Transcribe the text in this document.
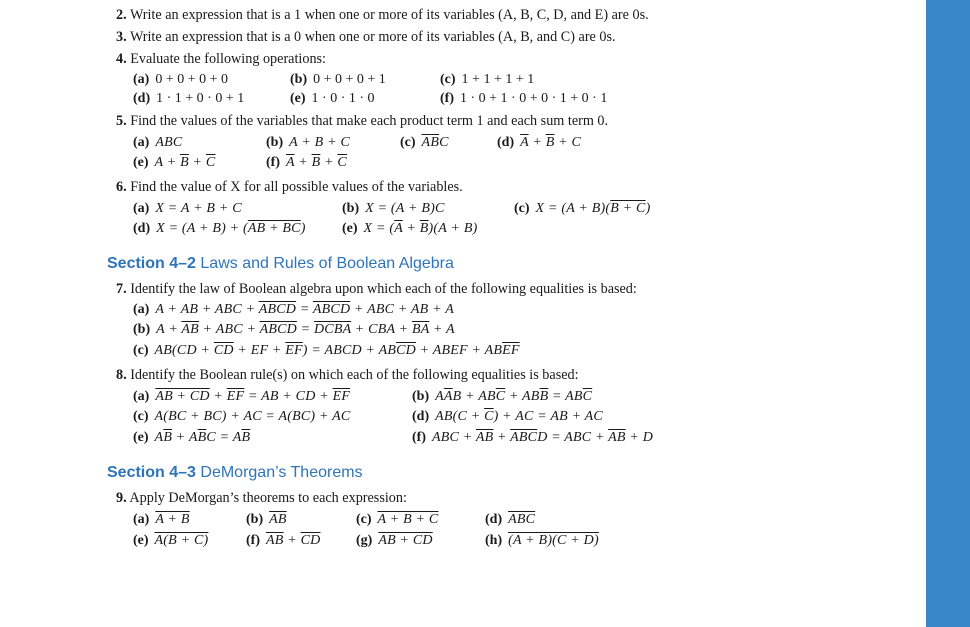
2. Write an expression that is a 1 when one or more of its variables (A, B, C, D, and E) are 0s.
3. Write an expression that is a 0 when one or more of its variables (A, B, and C) are 0s.
4. Evaluate the following operations:
(a) 0 + 0 + 0 + 0	(b) 0 + 0 + 0 + 1	(c) 1 + 1 + 1 + 1
(d) 1 · 1 + 0 · 0 + 1	(e) 1 · 0 · 1 · 0	(f) 1 · 0 + 1 · 0 + 0 · 1 + 0 · 1
5. Find the values of the variables that make each product term 1 and each sum term 0.
(a) ABC	(b) A + B + C	(c) $\overline{A}\overline{B}C$	(d) $\overline{A} + \overline{B} + C$
(e) $A + \overline{B} + \overline{C}$	(f) $\overline{A} + \overline{B} + \overline{C}$
6. Find the value of X for all possible values of the variables.
(a) X = A + B + C	(b) X = (A + B)C	(c) X = (A + B)(B + C)
(d) X = (A + B) + (AB + BC)	(e) $X = (\overline{A} + \overline{B})(A + B)$
Section 4–2 Laws and Rules of Boolean Algebra
7. Identify the law of Boolean algebra upon which each of the following equalities is based:
(a) A + AB + ABC + ABCD = ABCD + ABC + AB + A
(b) $A + \overline{AB}$ + ABC + ABCD = DCBA + CBA + $\overline{BA} + A$
(c) $AB(CD + \overline{CD}$ + EF + $\overline{EF}$) = ABCD + $AB\overline{CD}$ + ABEF + $AB\overline{EF}$
8. Identify the Boolean rule(s) on which each of the following equalities is based:
(a) AB + CD + $\overline{EF}$ = AB + CD + $\overline{EF}$	(b) $A\overline{A}B + AB\overline{C} + AB\overline{B} = AB\overline{C}$
(c) A(BC + BC) + AC = A(BC) + AC	(d) $AB(C + \overline{C})$ + AC = AB + AC
(e) $A\overline{B} + A\overline{B}C = A\overline{B}$	(f) ABC + $\overline{AB} + \overline{ABC}D$ = ABC + $\overline{AB} + D$
Section 4–3 DeMorgan’s Theorems
9. Apply DeMorgan’s theorems to each expression:
(a) A + B	(b) $\overline{AB}$	(c) A + B + C	(d) $\overline{ABC}$
(e) A(B + C)	(f) $\overline{AB} + \overline{CD}$	(g) AB + CD	(h) (A + B)(C + D)
